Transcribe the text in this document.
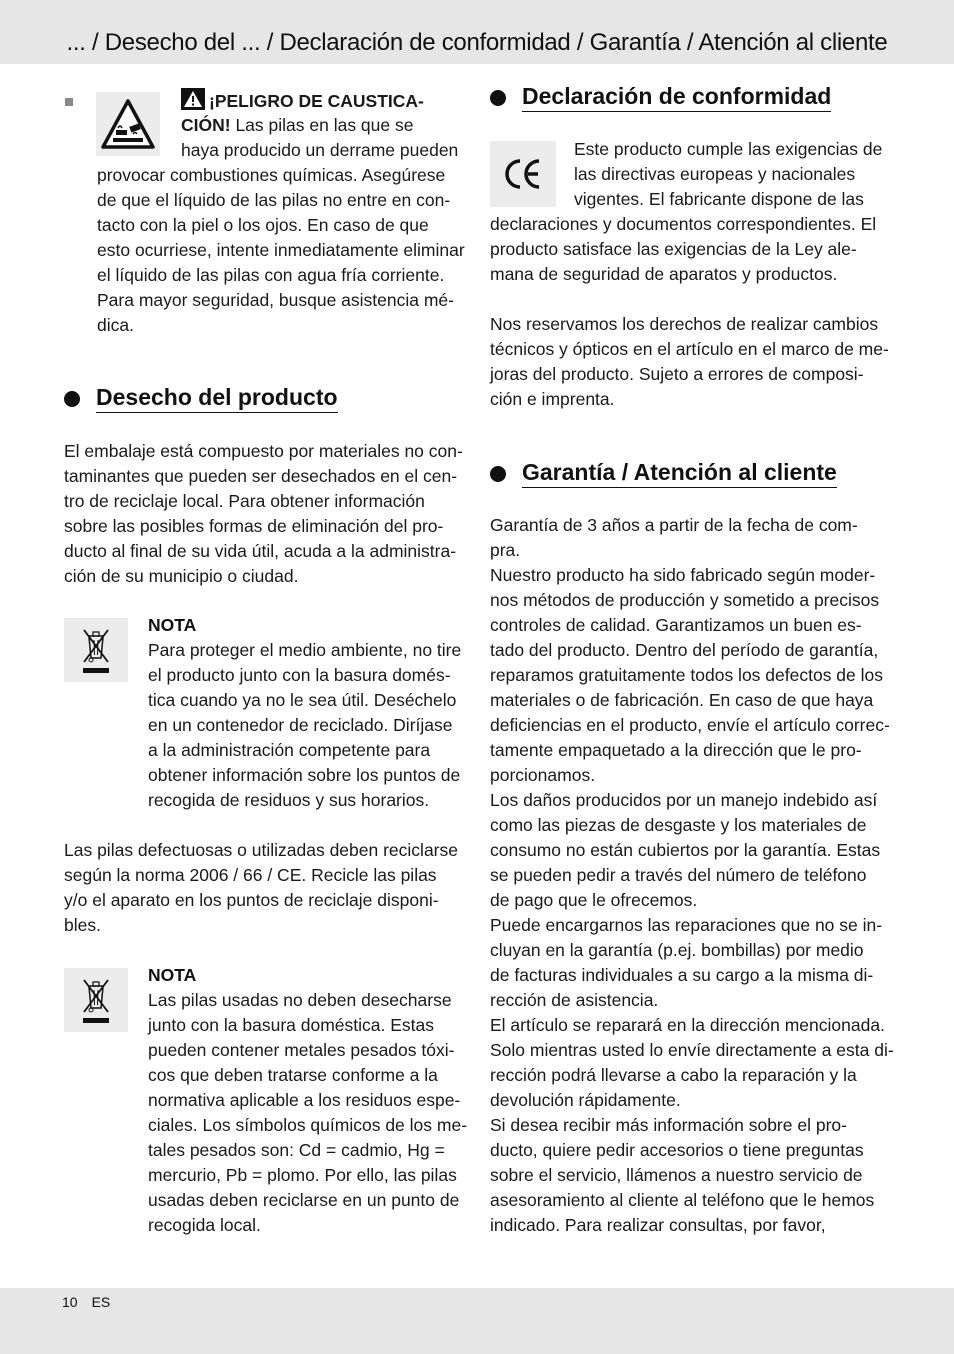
... / Desecho del ... / Declaración de conformidad / Garantía / Atención al cliente
¡PELIGRO DE CAUSTICA-
CIÓN! Las pilas en las que se

haya producido un derrame pueden

provocar combustiones químicas. Asegúrese
de que el líquido de las pilas no entre en con-
tacto con la piel o los ojos. En caso de que
esto ocurriese, intente inmediatamente eliminar
el líquido de las pilas con agua fría corriente.
Para mayor seguridad, busque asistencia mé-
dica.

Desecho del producto

El embalaje está compuesto por materiales no con-
taminantes que pueden ser desechados en el cen-
tro de reciclaje local. Para obtener información
sobre las posibles formas de eliminación del pro-
ducto al final de su vida útil, acuda a la administra-
ción de su municipio o ciudad.

NOTA

Para proteger el medio ambiente, no tire
el producto junto con la basura domés-
tica cuando ya no le sea útil. Deséchelo
en un contenedor de reciclado. Diríjase
a la administración competente para
obtener información sobre los puntos de
recogida de residuos y sus horarios.

Las pilas defectuosas o utilizadas deben reciclarse
según la norma 2006 / 66 / CE. Recicle las pilas
y/o el aparato en los puntos de reciclaje disponi-
bles.

NOTA

Las pilas usadas no deben desecharse
junto con la basura doméstica. Estas
pueden contener metales pesados tóxi-
cos que deben tratarse conforme a la
normativa aplicable a los residuos espe-
ciales. Los símbolos químicos de los me-
tales pesados son: Cd = cadmio, Hg =
mercurio, Pb = plomo. Por ello, las pilas
usadas deben reciclarse en un punto de
recogida local.

Declaración de conformidad

Este producto cumple las exigencias de
las directivas europeas y nacionales
vigentes. El fabricante dispone de las

declaraciones y documentos correspondientes. El
producto satisface las exigencias de la Ley ale-
mana de seguridad de aparatos y productos.

Nos reservamos los derechos de realizar cambios
técnicos y ópticos en el artículo en el marco de me-
joras del producto. Sujeto a errores de composi-
ción e imprenta.

Garantía / Atención al cliente

Garantía de 3 años a partir de la fecha de com-
pra.
Nuestro producto ha sido fabricado según moder-
nos métodos de producción y sometido a precisos
controles de calidad. Garantizamos un buen es-
tado del producto. Dentro del período de garantía,
reparamos gratuitamente todos los defectos de los
materiales o de fabricación. En caso de que haya
deficiencias en el producto, envíe el artículo correc-
tamente empaquetado a la dirección que le pro-
porcionamos.
Los daños producidos por un manejo indebido así
como las piezas de desgaste y los materiales de
consumo no están cubiertos por la garantía. Estas
se pueden pedir a través del número de teléfono
de pago que le ofrecemos.
Puede encargarnos las reparaciones que no se in-
cluyan en la garantía (p.ej. bombillas) por medio
de facturas individuales a su cargo a la misma di-
rección de asistencia.
El artículo se reparará en la dirección mencionada.
Solo mientras usted lo envíe directamente a esta di-
rección podrá llevarse a cabo la reparación y la
devolución rápidamente.
Si desea recibir más información sobre el pro-
ducto, quiere pedir accesorios o tiene preguntas
sobre el servicio, llámenos a nuestro servicio de
asesoramiento al cliente al teléfono que le hemos
indicado. Para realizar consultas, por favor,

10 ES
